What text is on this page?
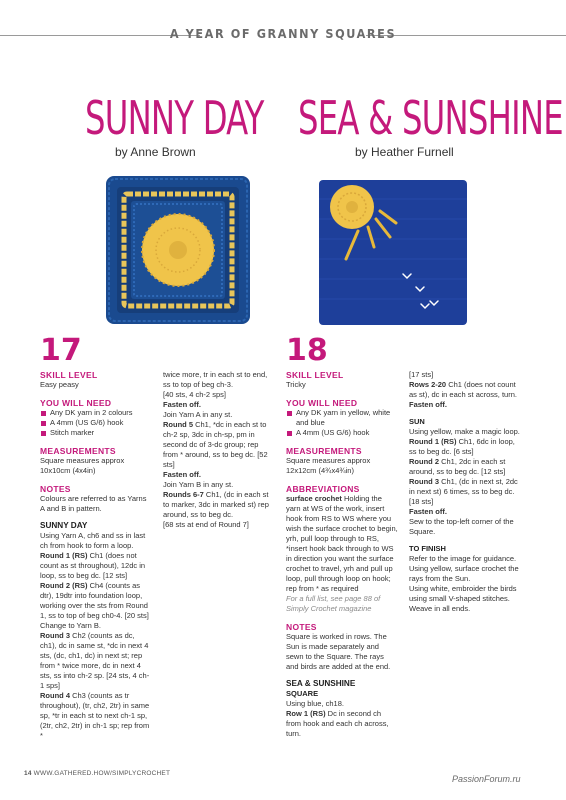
A YEAR OF GRANNY SQUARES
SUNNY DAY
by Anne Brown
SEA & SUNSHINE
by Heather Furnell
17	18

SKILL LEVEL

Easy peasy

YOU WILL NEED

Any DK yarn in 2 colours

A 4mm (US G/6) hook

Stitch marker

MEASUREMENTS

Square measures approx 10x10cm (4x4in)

NOTES

Colours are referred to as Yarns A and B in pattern.

SUNNY DAY

Using Yarn A, ch6 and ss in last ch from hook to form a loop.

Round 1 (RS) Ch1 (does not count as st throughout), 12dc in loop, ss to beg dc. [12 sts]

Round 2 (RS) Ch4 (counts as dtr), 19dtr into foundation loop, working over the sts from Round 1, ss to top of beg ch0-4. [20 sts] Change to Yarn B.

Round 3 Ch2 (counts as dc, ch1), dc in same st, *dc in next 4 sts, (dc, ch1, dc) in next st; rep from * twice more, dc in next 4 sts, ss into ch-2 sp. [24 sts, 4 ch-1 sps]

Round 4 Ch3 (counts as tr throughout), (tr, ch2, 2tr) in same sp, *tr in each st to next ch-1 sp, (2tr, ch2, 2tr) in ch-1 sp; rep from *

twice more, tr in each st to end, ss to top of beg ch-3.

[40 sts, 4 ch-2 sps]

Fasten off.

Join Yarn A in any st.

Round 5 Ch1, *dc in each st to ch-2 sp, 3dc in ch-sp, pm in second dc of 3-dc group; rep from * around, ss to beg dc. [52 sts]

Fasten off.

Join Yarn B in any st.

Rounds 6-7 Ch1, (dc in each st to marker, 3dc in marked st) rep around, ss to beg dc.

[68 sts at end of Round 7]

SKILL LEVEL

Tricky

YOU WILL NEED

Any DK yarn in yellow, white and blue

A 4mm (US G/6) hook

MEASUREMENTS

Square measures approx 12x12cm (4¾x4¾in)

ABBREVIATIONS

surface crochet Holding the yarn at WS of the work, insert hook from RS to WS where you wish the surface crochet to begin, yrh, pull loop through to RS, *insert hook back through to WS in direction you want the surface crochet to travel, yrh and pull up loop, pull through loop on hook; rep from * as required

For a full list, see page 88 of Simply Crochet magazine

NOTES

Square is worked in rows. The Sun is made separately and sewn to the Square. The rays and birds are added at the end.

SEA & SUNSHINE

SQUARE

Using blue, ch18.

Row 1 (RS) Dc in second ch from hook and each ch across, turn.

[17 sts]

Rows 2-20 Ch1 (does not count as st), dc in each st across, turn.

Fasten off.

SUN

Using yellow, make a magic loop.

Round 1 (RS) Ch1, 6dc in loop, ss to beg dc. [6 sts]

Round 2 Ch1, 2dc in each st around, ss to beg dc. [12 sts]

Round 3 Ch1, (dc in next st, 2dc in next st) 6 times, ss to beg dc.

[18 sts]

Fasten off.

Sew to the top-left corner of the Square.

TO FINISH

Refer to the image for guidance. Using yellow, surface crochet the rays from the Sun.

Using white, embroider the birds using small V-shaped stitches. Weave in all ends.

14 WWW.GATHERED.HOW/SIMPLYCROCHET
PassionForum.ru
